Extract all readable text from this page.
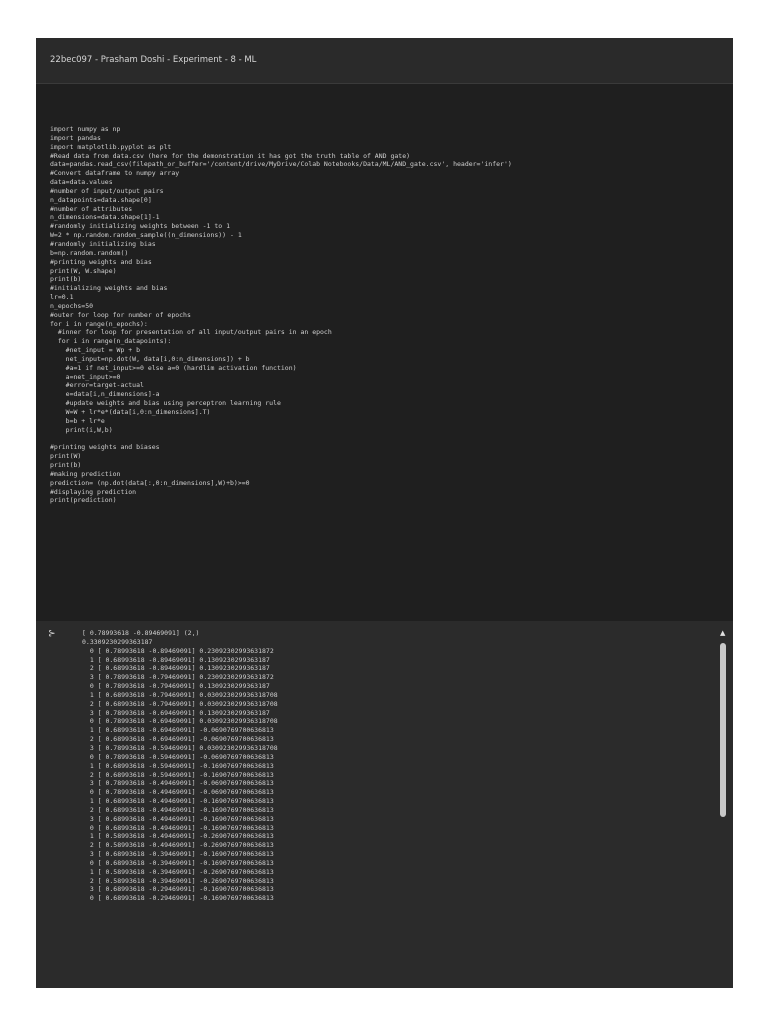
22bec097 - Prasham Doshi - Experiment - 8 - ML
import numpy as np
import pandas
import matplotlib.pyplot as plt
#Read data from data.csv (here for the demonstration it has got the truth table of AND gate)
data=pandas.read_csv(filepath_or_buffer='/content/drive/MyDrive/Colab Notebooks/Data/ML/AND_gate.csv', header='infer')
#Convert dataframe to numpy array
data=data.values
#number of input/output pairs
n_datapoints=data.shape[0]
#number of attributes
n_dimensions=data.shape[1]-1
#randomly initializing weights between -1 to 1
W=2 * np.random.random_sample((n_dimensions)) - 1
#randomly initializing bias
b=np.random.random()
#printing weights and bias
print(W, W.shape)
print(b)
#initializing weights and bias
lr=0.1
n_epochs=50
#outer for loop for number of epochs
for i in range(n_epochs):
#inner for loop for presentation of all input/output pairs in an epoch
for i in range(n_datapoints):
#net_input = Wp + b
net_input=np.dot(W, data[i,0:n_dimensions]) + b
#a=1 if net_input>=0 else a=0 (hardlim activation function)
a=net_input>=0
#error=target-actual
e=data[i,n_dimensions]-a
#update weights and bias using perceptron learning rule
W=W + lr*e*(data[i,0:n_dimensions].T)
b=b + lr*e
print(i,W,b)
#printing weights and biases
print(W)
print(b)
#making prediction
prediction= (np.dot(data[:,0:n_dimensions],W)+b)>=0
#displaying prediction
print(prediction)
⊱	[ 0.78993618 -0.89469091] (2,)
0.3309230299363187
0 [ 0.78993618 -0.89469091] 0.23092302993631872
1 [ 0.68993618 -0.89469091] 0.1309230299363187
2 [ 0.68993618 -0.89469091] 0.1309230299363187
3 [ 0.78993618 -0.79469091] 0.23092302993631872
0 [ 0.78993618 -0.79469091] 0.1309230299363187
1 [ 0.68993618 -0.79469091] 0.030923029936318708
2 [ 0.68993618 -0.79469091] 0.030923029936318708
3 [ 0.78993618 -0.69469091] 0.1309230299363187
0 [ 0.78993618 -0.69469091] 0.030923029936318708
1 [ 0.68993618 -0.69469091] -0.0690769700636813
2 [ 0.68993618 -0.69469091] -0.0690769700636813
3 [ 0.78993618 -0.59469091] 0.030923029936318708
0 [ 0.78993618 -0.59469091] -0.0690769700636813
1 [ 0.68993618 -0.59469091] -0.1690769700636813
2 [ 0.68993618 -0.59469091] -0.1690769700636813
3 [ 0.78993618 -0.49469091] -0.0690769700636813
0 [ 0.78993618 -0.49469091] -0.0690769700636813
1 [ 0.68993618 -0.49469091] -0.1690769700636813
2 [ 0.68993618 -0.49469091] -0.1690769700636813
3 [ 0.68993618 -0.49469091] -0.1690769700636813
0 [ 0.68993618 -0.49469091] -0.1690769700636813
1 [ 0.58993618 -0.49469091] -0.2690769700636813
2 [ 0.58993618 -0.49469091] -0.2690769700636813
3 [ 0.68993618 -0.39469091] -0.1690769700636813
0 [ 0.68993618 -0.39469091] -0.1690769700636813
1 [ 0.58993618 -0.39469091] -0.2690769700636813
2 [ 0.58993618 -0.39469091] -0.2690769700636813
3 [ 0.68993618 -0.29469091] -0.1690769700636813
0 [ 0.68993618 -0.29469091] -0.1690769700636813
▲
